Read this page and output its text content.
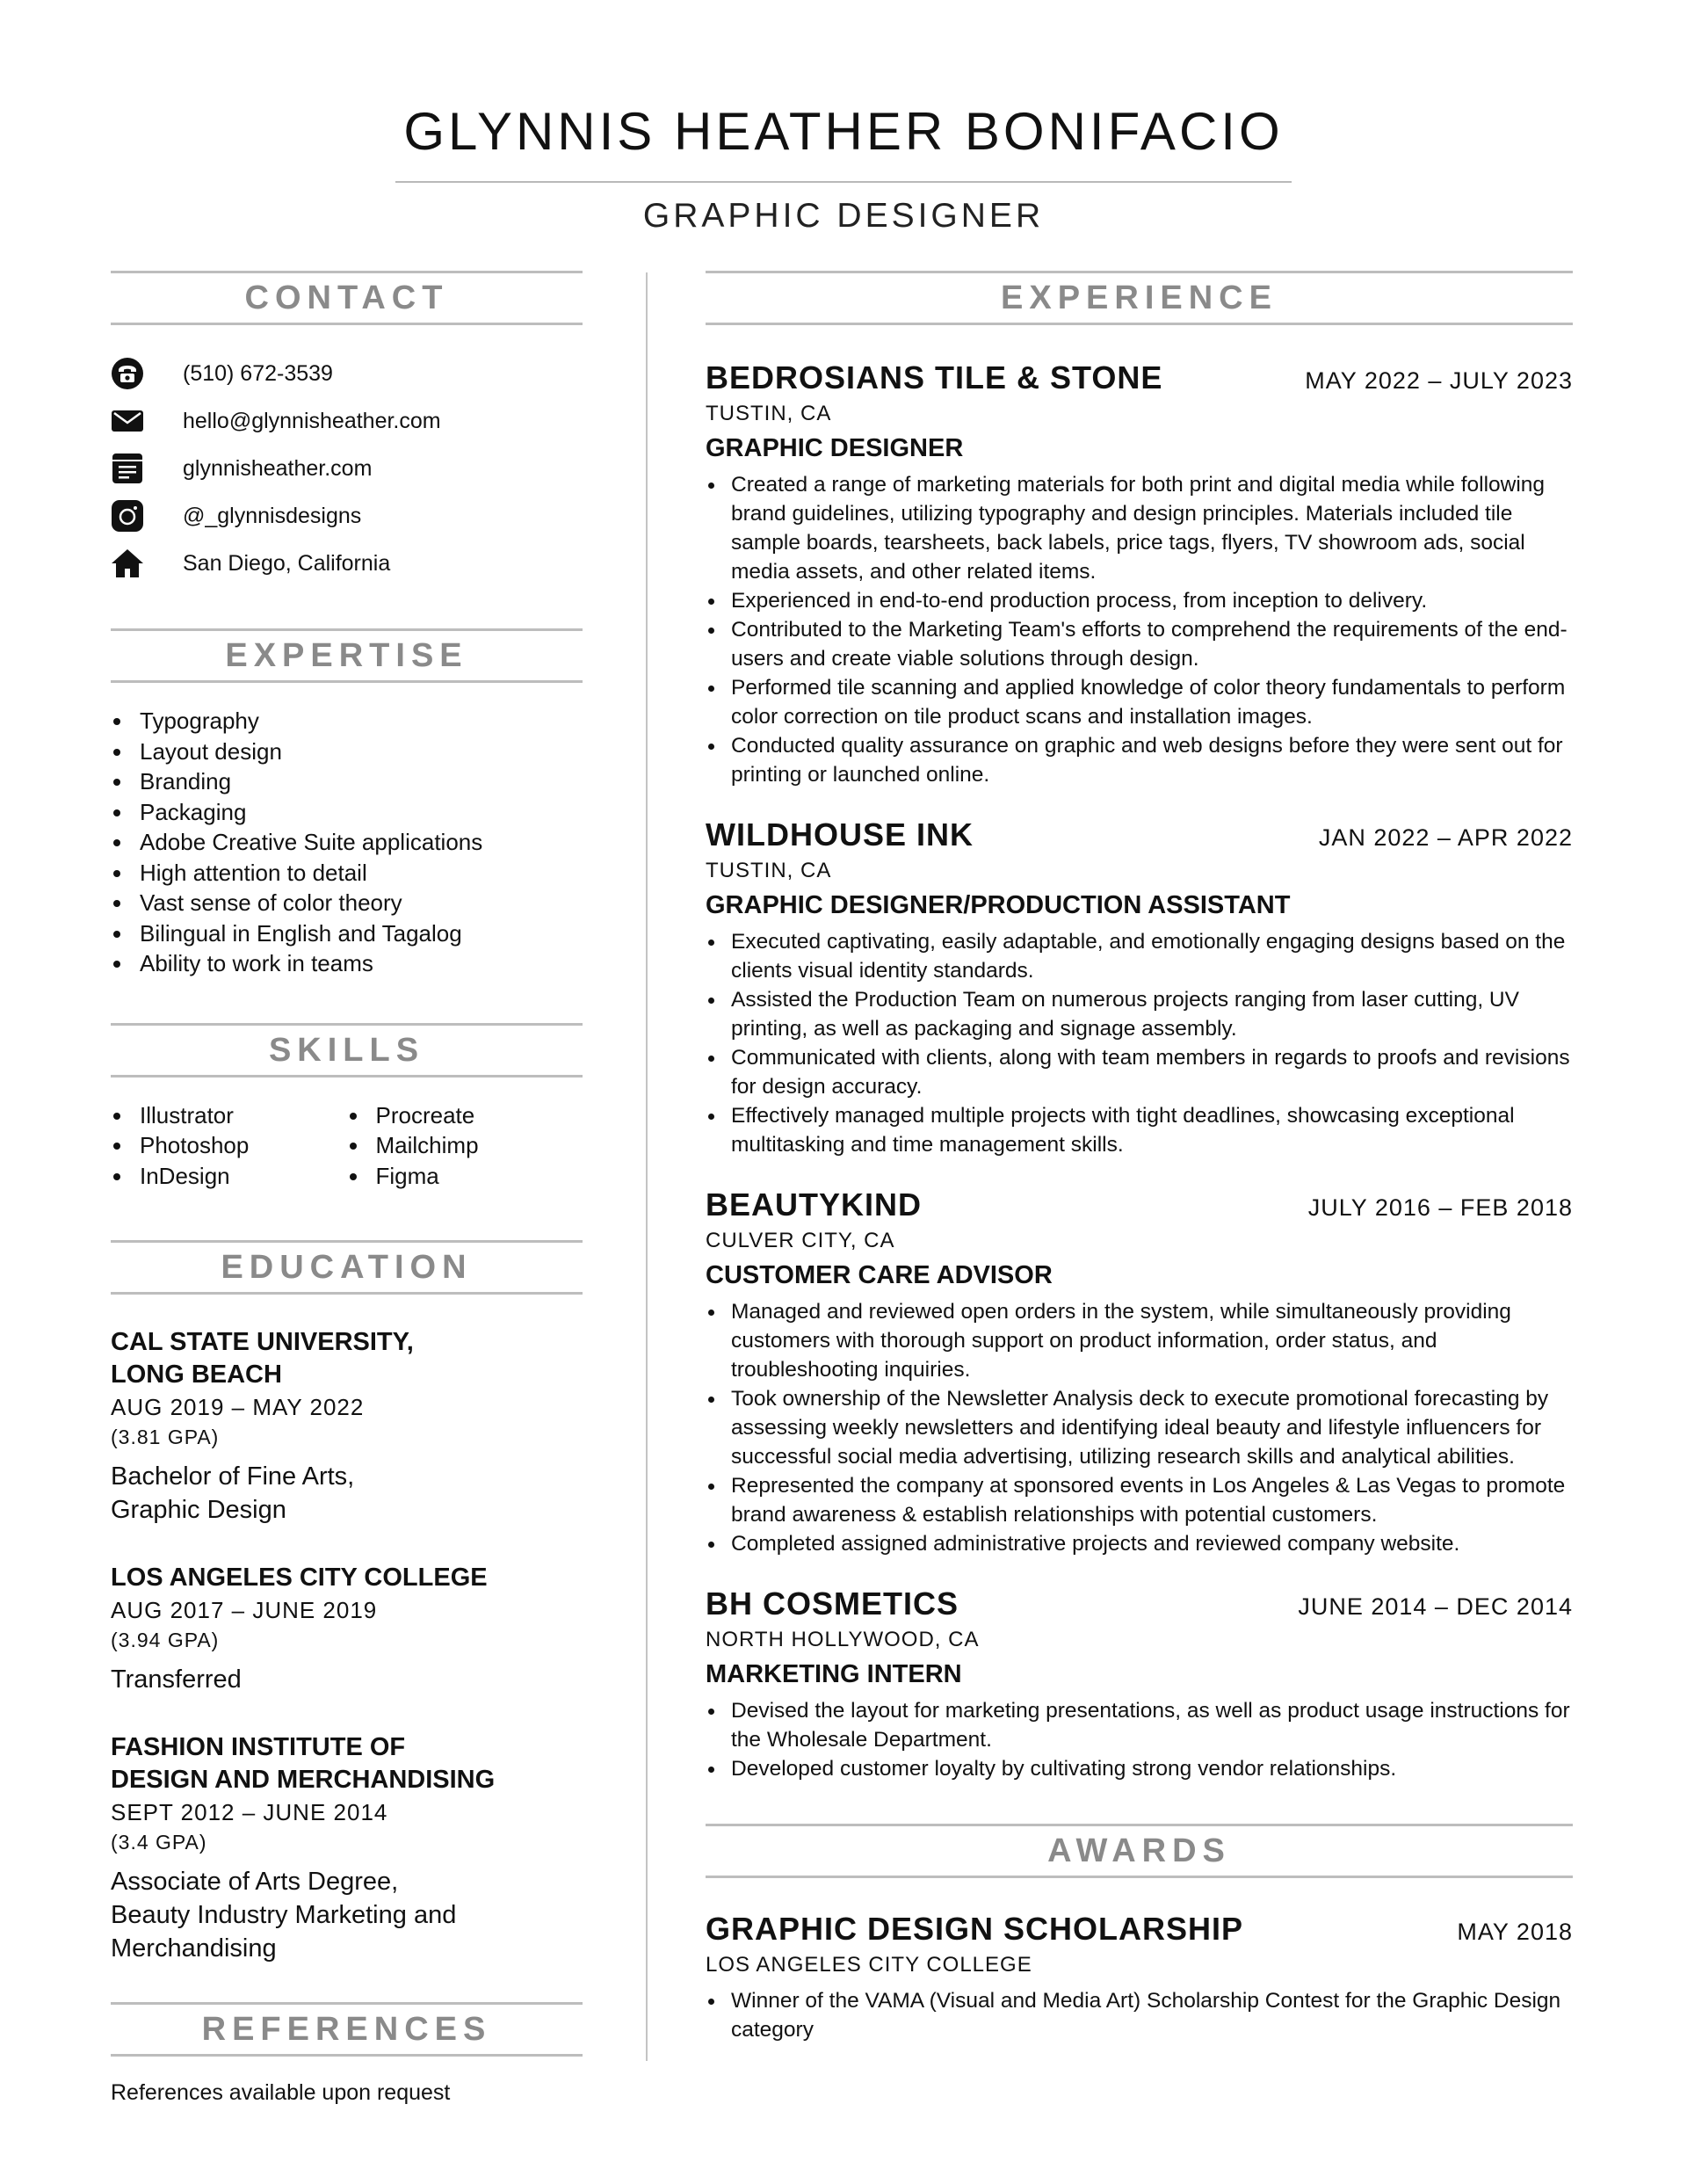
GLYNNIS HEATHER BONIFACIO
GRAPHIC DESIGNER
CONTACT
(510) 672-3539
hello@glynnisheather.com
glynnisheather.com
@_glynnisdesigns
San Diego, California
EXPERTISE
Typography
Layout design
Branding
Packaging
Adobe Creative Suite applications
High attention to detail
Vast sense of color theory
Bilingual in English and Tagalog
Ability to work in teams
SKILLS
Illustrator
Photoshop
InDesign
Procreate
Mailchimp
Figma
EDUCATION
CAL STATE UNIVERSITY,
LONG BEACH
AUG 2019 – MAY 2022
(3.81 GPA)
Bachelor of Fine Arts,
Graphic Design
LOS ANGELES CITY COLLEGE
AUG 2017 – JUNE 2019
(3.94 GPA)
Transferred
FASHION INSTITUTE OF
DESIGN AND MERCHANDISING
SEPT 2012 – JUNE 2014
(3.4 GPA)
Associate of Arts Degree,
Beauty Industry Marketing and
Merchandising
REFERENCES
References available upon request
EXPERIENCE
BEDROSIANS TILE & STONE	MAY 2022 – JULY 2023
TUSTIN, CA
GRAPHIC DESIGNER
Created a range of marketing materials for both print and digital media while following brand guidelines, utilizing typography and design principles. Materials included tile sample boards, tearsheets, back labels, price tags, flyers, TV showroom ads, social media assets, and other related items.
Experienced in end-to-end production process, from inception to delivery.
Contributed to the Marketing Team's efforts to comprehend the requirements of the end-users and create viable solutions through design.
Performed tile scanning and applied knowledge of color theory fundamentals to perform color correction on tile product scans and installation images.
Conducted quality assurance on graphic and web designs before they were sent out for printing or launched online.
WILDHOUSE INK	JAN 2022 – APR 2022
TUSTIN, CA
GRAPHIC DESIGNER/PRODUCTION ASSISTANT
Executed captivating, easily adaptable, and emotionally engaging designs based on the clients visual identity standards.
Assisted the Production Team on numerous projects ranging from laser cutting, UV printing, as well as packaging and signage assembly.
Communicated with clients, along with team members in regards to proofs and revisions for design accuracy.
Effectively managed multiple projects with tight deadlines, showcasing exceptional multitasking and time management skills.
BEAUTYKIND	JULY 2016 – FEB 2018
CULVER CITY, CA
CUSTOMER CARE ADVISOR
Managed and reviewed open orders in the system, while simultaneously providing customers with thorough support on product information, order status, and troubleshooting inquiries.
Took ownership of the Newsletter Analysis deck to execute promotional forecasting by assessing weekly newsletters and identifying ideal beauty and lifestyle influencers for successful social media advertising, utilizing research skills and analytical abilities.
Represented the company at sponsored events in Los Angeles & Las Vegas to promote brand awareness & establish relationships with potential customers.
Completed assigned administrative projects and reviewed company website.
BH COSMETICS	JUNE 2014 – DEC 2014
NORTH HOLLYWOOD, CA
MARKETING INTERN
Devised the layout for marketing presentations, as well as product usage instructions for the Wholesale Department.
Developed customer loyalty by cultivating strong vendor relationships.
AWARDS
GRAPHIC DESIGN SCHOLARSHIP	MAY 2018
LOS ANGELES CITY COLLEGE
Winner of the VAMA (Visual and Media Art) Scholarship Contest for the Graphic Design category
